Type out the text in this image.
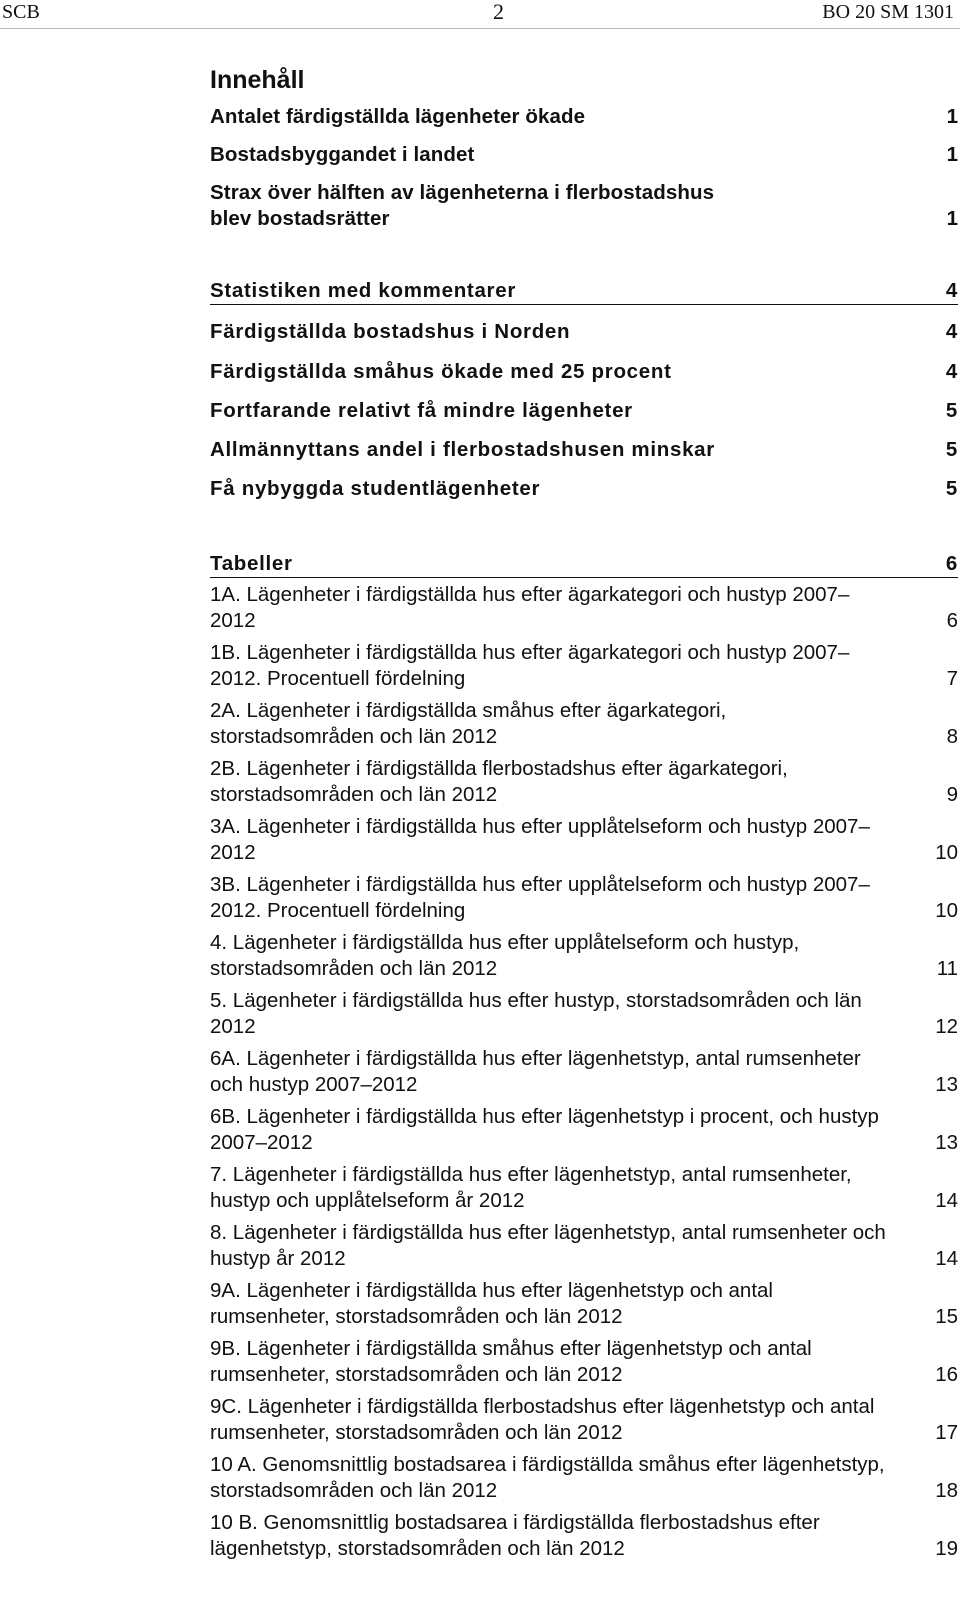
SCB	2	BO 20 SM 1301
Innehåll
Antalet färdigställda lägenheter ökade	1
Bostadsbyggandet i landet	1
Strax över hälften av lägenheterna i flerbostadshus blev bostadsrätter	1
Statistiken med kommentarer	4
Färdigställda bostadshus i Norden	4
Färdigställda småhus ökade med 25 procent	4
Fortfarande relativt få mindre lägenheter	5
Allmännyttans andel i flerbostadshusen minskar	5
Få nybyggda studentlägenheter	5
Tabeller	6
1A. Lägenheter i färdigställda hus efter ägarkategori och hustyp 2007–2012	6
1B. Lägenheter i färdigställda hus efter ägarkategori och hustyp 2007–2012. Procentuell fördelning	7
2A. Lägenheter i färdigställda småhus efter ägarkategori, storstadsområden och län 2012	8
2B. Lägenheter i färdigställda flerbostadshus efter ägarkategori, storstadsområden och län 2012	9
3A. Lägenheter i färdigställda hus efter upplåtelseform och hustyp 2007–2012	10
3B. Lägenheter i färdigställda hus efter upplåtelseform och hustyp 2007–2012. Procentuell fördelning	10
4. Lägenheter i färdigställda hus efter upplåtelseform och hustyp, storstadsområden och län 2012	11
5. Lägenheter i färdigställda hus efter hustyp, storstadsområden och län 2012	12
6A. Lägenheter i färdigställda hus efter lägenhetstyp, antal rumsenheter och hustyp 2007–2012	13
6B. Lägenheter i färdigställda hus efter lägenhetstyp i procent, och hustyp 2007–2012	13
7. Lägenheter i färdigställda hus efter lägenhetstyp, antal rumsenheter, hustyp och upplåtelseform år 2012	14
8. Lägenheter i färdigställda hus efter lägenhetstyp, antal rumsenheter och hustyp år 2012	14
9A. Lägenheter i färdigställda hus efter lägenhetstyp och antal rumsenheter, storstadsområden och län 2012	15
9B. Lägenheter i färdigställda småhus efter lägenhetstyp och antal rumsenheter, storstadsområden och län 2012	16
9C. Lägenheter i färdigställda flerbostadshus efter lägenhetstyp och antal rumsenheter, storstadsområden och län 2012	17
10 A. Genomsnittlig bostadsarea i färdigställda småhus efter lägenhetstyp, storstadsområden och län 2012	18
10 B. Genomsnittlig bostadsarea i färdigställda flerbostadshus efter lägenhetstyp, storstadsområden och län 2012	19
